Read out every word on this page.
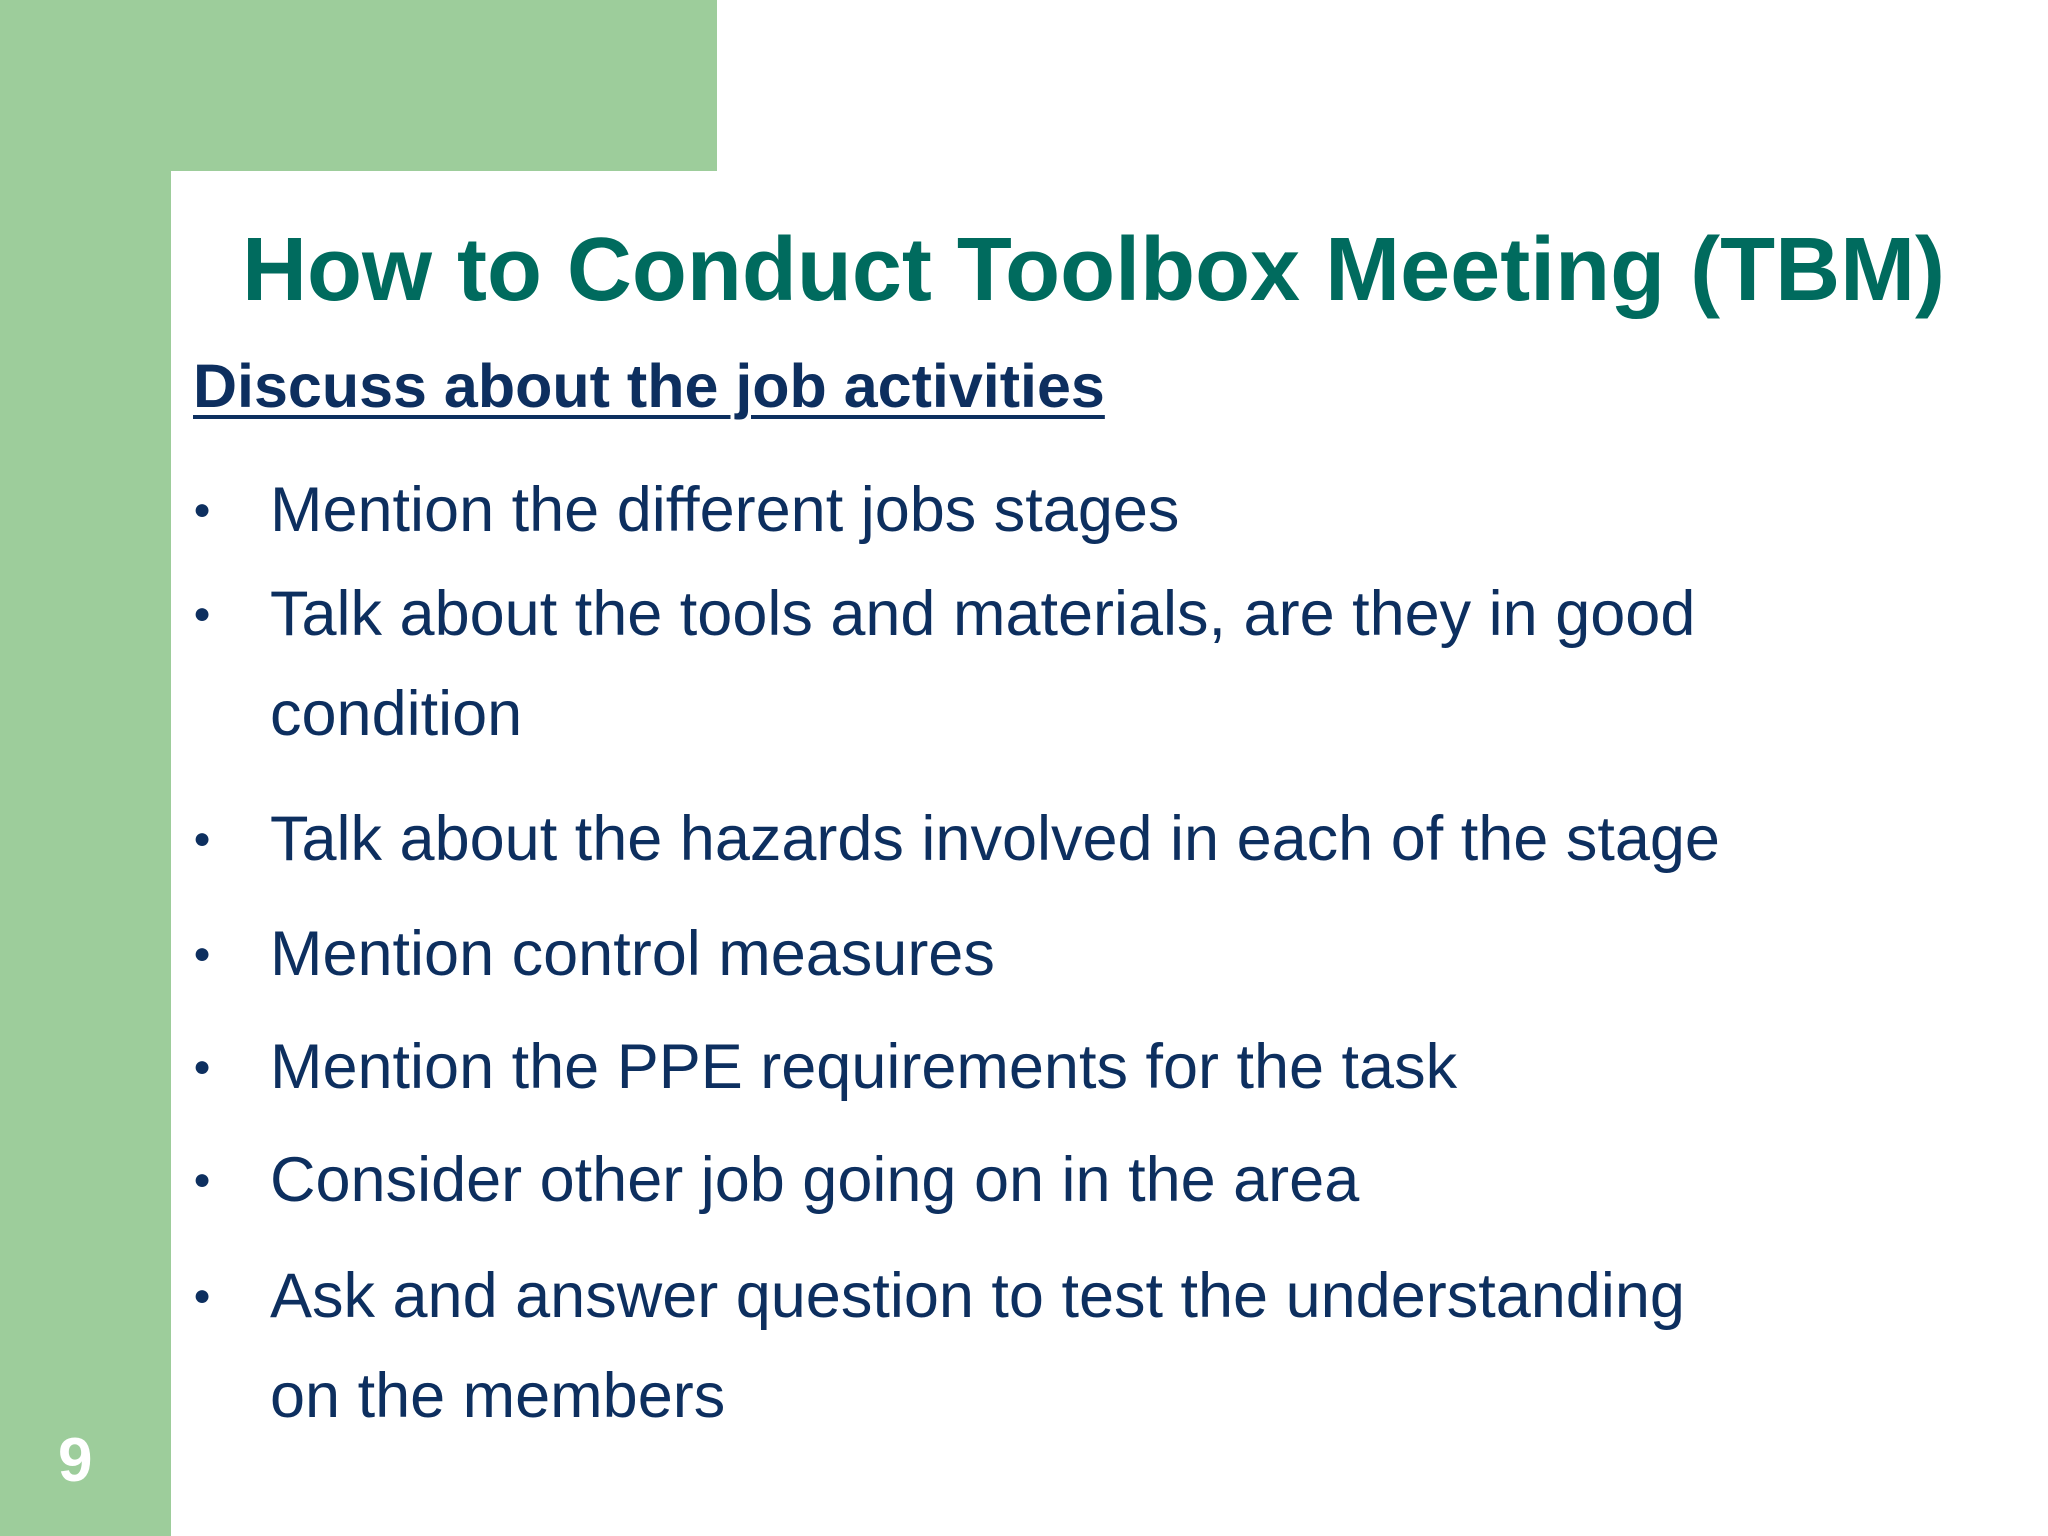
9
How to Conduct Toolbox Meeting (TBM)
Discuss about the job activities
● Mention the different jobs stages
● Talk about the tools and materials, are they in good
condition
● Talk about the hazards involved in each of the stage
● Mention control measures
● Mention the PPE requirements for the task
● Consider other job going on in the area
● Ask and answer question to test the understanding
on the members
